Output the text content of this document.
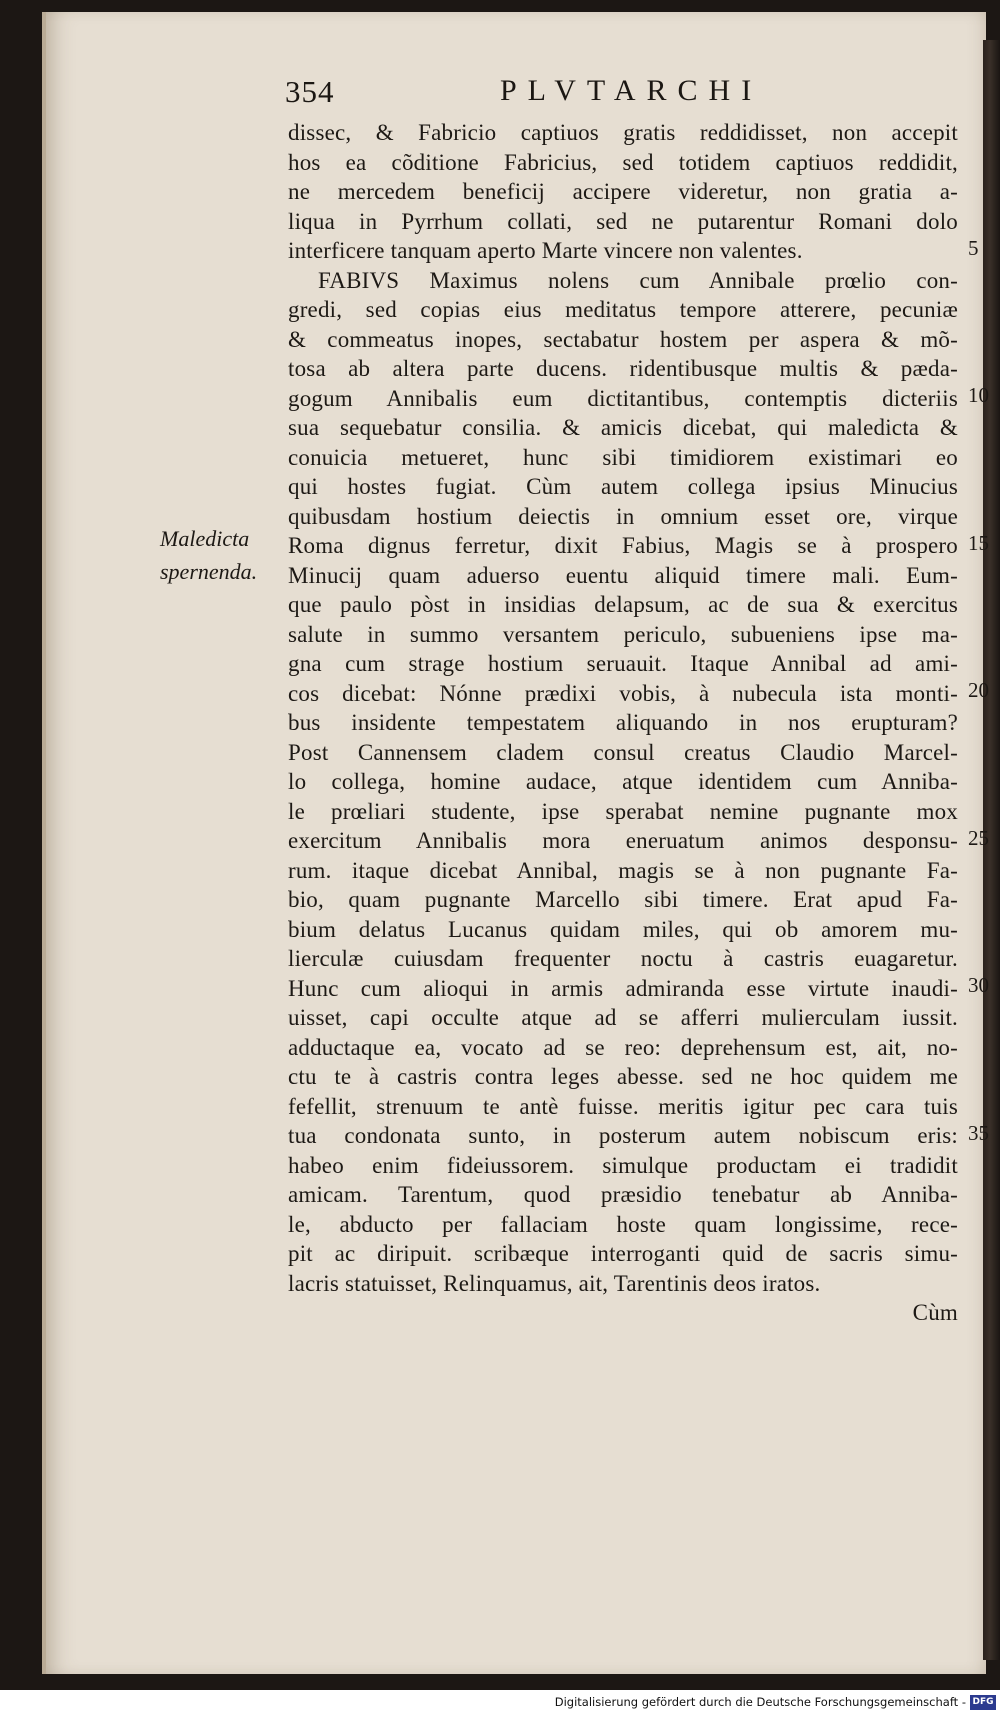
354	PLVTARCHI
Maledicta
spernenda.
dissec, & Fabricio captiuos gratis reddidisset, non accepit
hos ea cõditione Fabricius, sed totidem captiuos reddidit,
ne mercedem beneficij accipere videretur, non gratia a-
liqua in Pyrrhum collati, sed ne putarentur Romani dolo
interficere tanquam aperto Marte vincere non valentes.
FABIVS Maximus nolens cum Annibale prœlio con-
gredi, sed copias eius meditatus tempore atterere, pecuniæ
& commeatus inopes, sectabatur hostem per aspera & mõ-
tosa ab altera parte ducens. ridentibusque multis & pæda-
gogum Annibalis eum dictitantibus, contemptis dicteriis
sua sequebatur consilia. & amicis dicebat, qui maledicta &
conuicia metueret, hunc sibi timidiorem existimari eo
qui hostes fugiat. Cùm autem collega ipsius Minucius
quibusdam hostium deiectis in omnium esset ore, virque
Roma dignus ferretur, dixit Fabius, Magis se à prospero
Minucij quam aduerso euentu aliquid timere mali. Eum-
que paulo pòst in insidias delapsum, ac de sua & exercitus
salute in summo versantem periculo, subueniens ipse ma-
gna cum strage hostium seruauit. Itaque Annibal ad ami-
cos dicebat: Nónne prædixi vobis, à nubecula ista monti-
bus insidente tempestatem aliquando in nos erupturam?
Post Cannensem cladem consul creatus Claudio Marcel-
lo collega, homine audace, atque identidem cum Anniba-
le prœliari studente, ipse sperabat nemine pugnante mox
exercitum Annibalis mora eneruatum animos desponsu-
rum. itaque dicebat Annibal, magis se à non pugnante Fa-
bio, quam pugnante Marcello sibi timere. Erat apud Fa-
bium delatus Lucanus quidam miles, qui ob amorem mu-
lierculæ cuiusdam frequenter noctu à castris euagaretur.
Hunc cum alioqui in armis admiranda esse virtute inaudi-
uisset, capi occulte atque ad se afferri mulierculam iussit.
adductaque ea, vocato ad se reo: deprehensum est, ait, no-
ctu te à castris contra leges abesse. sed ne hoc quidem me
fefellit, strenuum te antè fuisse. meritis igitur pec cara tuis
tua condonata sunto, in posterum autem nobiscum eris:
habeo enim fideiussorem. simulque productam ei tradidit
amicam. Tarentum, quod præsidio tenebatur ab Anniba-
le, abducto per fallaciam hoste quam longissime, rece-
pit ac diripuit. scribæque interroganti quid de sacris simu-
lacris statuisset, Relinquamus, ait, Tarentinis deos iratos.
Cùm
5
10
15
20
25
30
35
Digitalisierung gefördert durch die Deutsche Forschungsgemeinschaft - DFG
